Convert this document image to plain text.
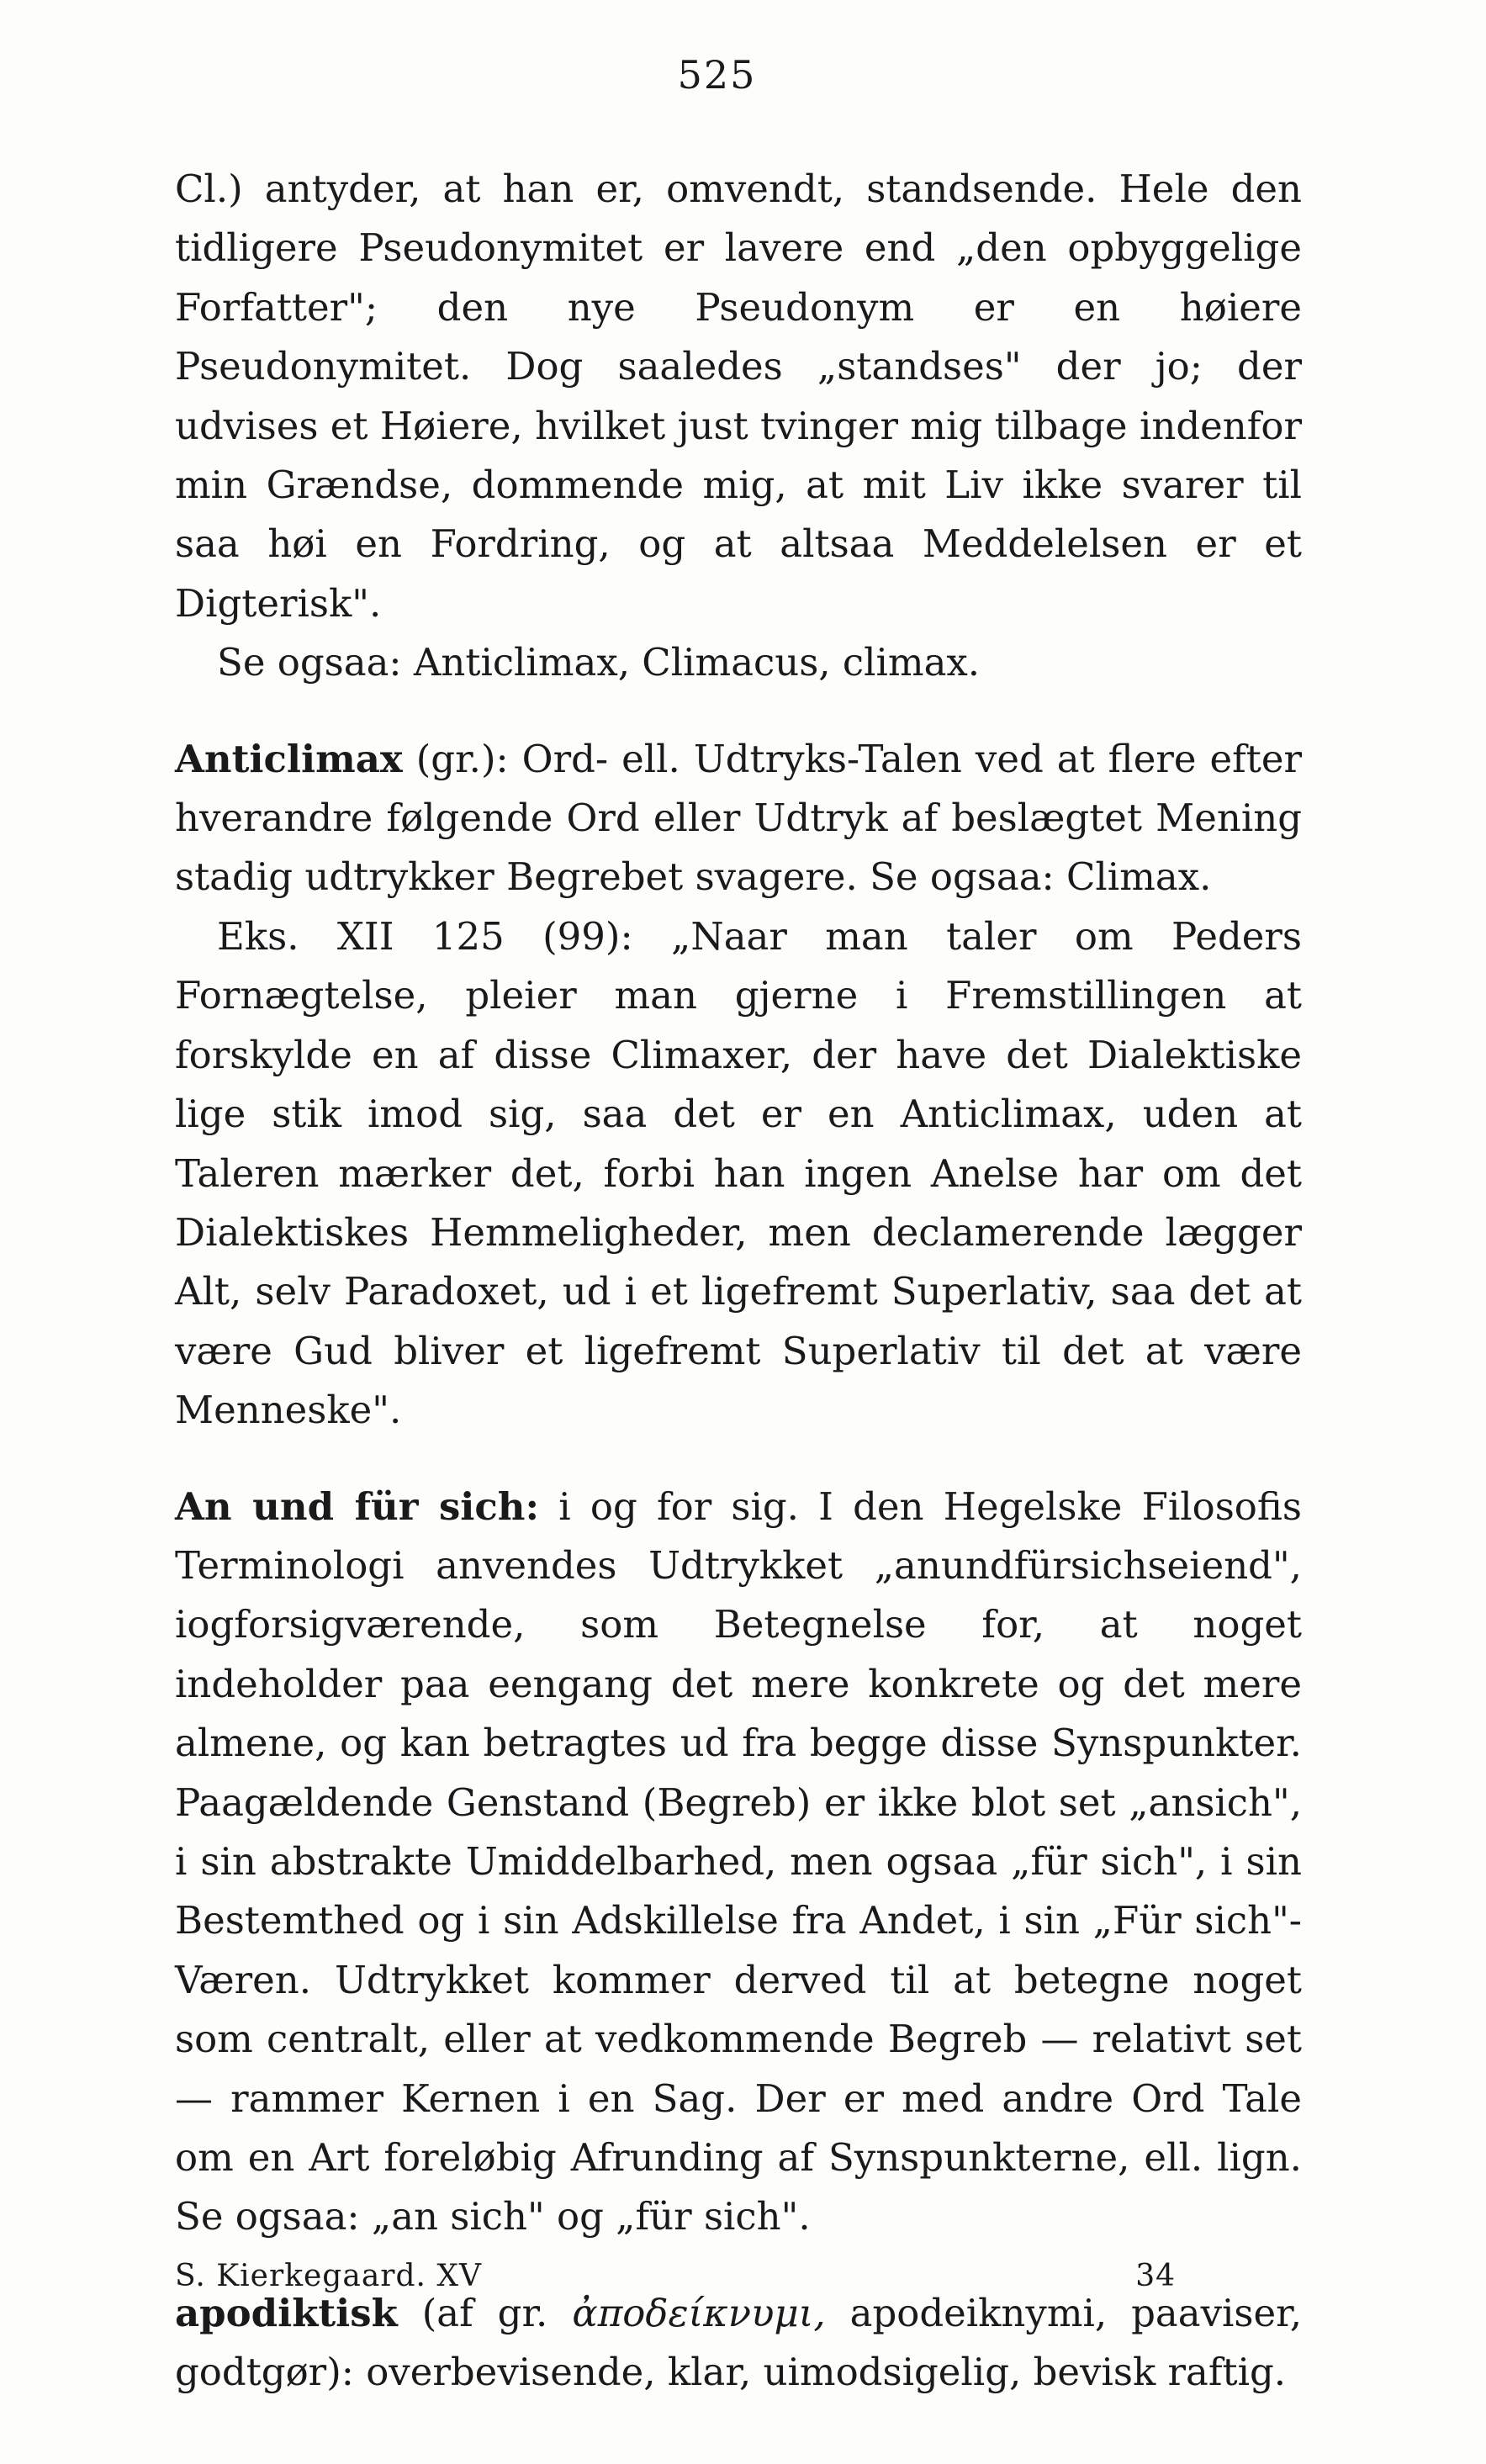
525

Cl.) antyder, at han er, omvendt, standsende. Hele den tidligere Pseudonymitet er lavere end „den opbyggelige Forfatter"; den nye Pseudonym er en høiere Pseudonymitet. Dog saaledes „standses" der jo; der udvises et Høiere, hvilket just tvinger mig tilbage indenfor min Grændse, dommende mig, at mit Liv ikke svarer til saa høi en Fordring, og at altsaa Meddelelsen er et Digterisk".

Se ogsaa: Anticlimax, Climacus, climax.

Anticlimax (gr.): Ord- ell. Udtryks-Talen ved at flere efter hverandre følgende Ord eller Udtryk af beslægtet Mening stadig udtrykker Begrebet svagere. Se ogsaa: Climax.

Eks. XII 125 (99): „Naar man taler om Peders Fornægtelse, pleier man gjerne i Fremstillingen at forskylde en af disse Climaxer, der have det Dialektiske lige stik imod sig, saa det er en Anticlimax, uden at Taleren mærker det, forbi han ingen Anelse har om det Dialektiskes Hemmeligheder, men declamerende lægger Alt, selv Paradoxet, ud i et ligefremt Superlativ, saa det at være Gud bliver et ligefremt Superlativ til det at være Menneske".

An und für sich: i og for sig. I den Hegelske Filosofis Terminologi anvendes Udtrykket „anundfürsichseiend", iogforsigværende, som Betegnelse for, at noget indeholder paa eengang det mere konkrete og det mere almene, og kan betragtes ud fra begge disse Synspunkter. Paagældende Genstand (Begreb) er ikke blot set „ansich", i sin abstrakte Umiddelbarhed, men ogsaa „für sich", i sin Bestemthed og i sin Adskillelse fra Andet, i sin „Für sich"-Væren. Udtrykket kommer derved til at betegne noget som centralt, eller at vedkommende Begreb — relativt set — rammer Kernen i en Sag. Der er med andre Ord Tale om en Art foreløbig Afrunding af Synspunkterne, ell. lign. Se ogsaa: „an sich" og „für sich".

apodiktisk (af gr. ἀποδείκνυμι, apodeiknymi, paaviser, godtgør): overbevisende, klar, uimodsigelig, bevisk raftig.

S. Kierkegaard. XV	34
